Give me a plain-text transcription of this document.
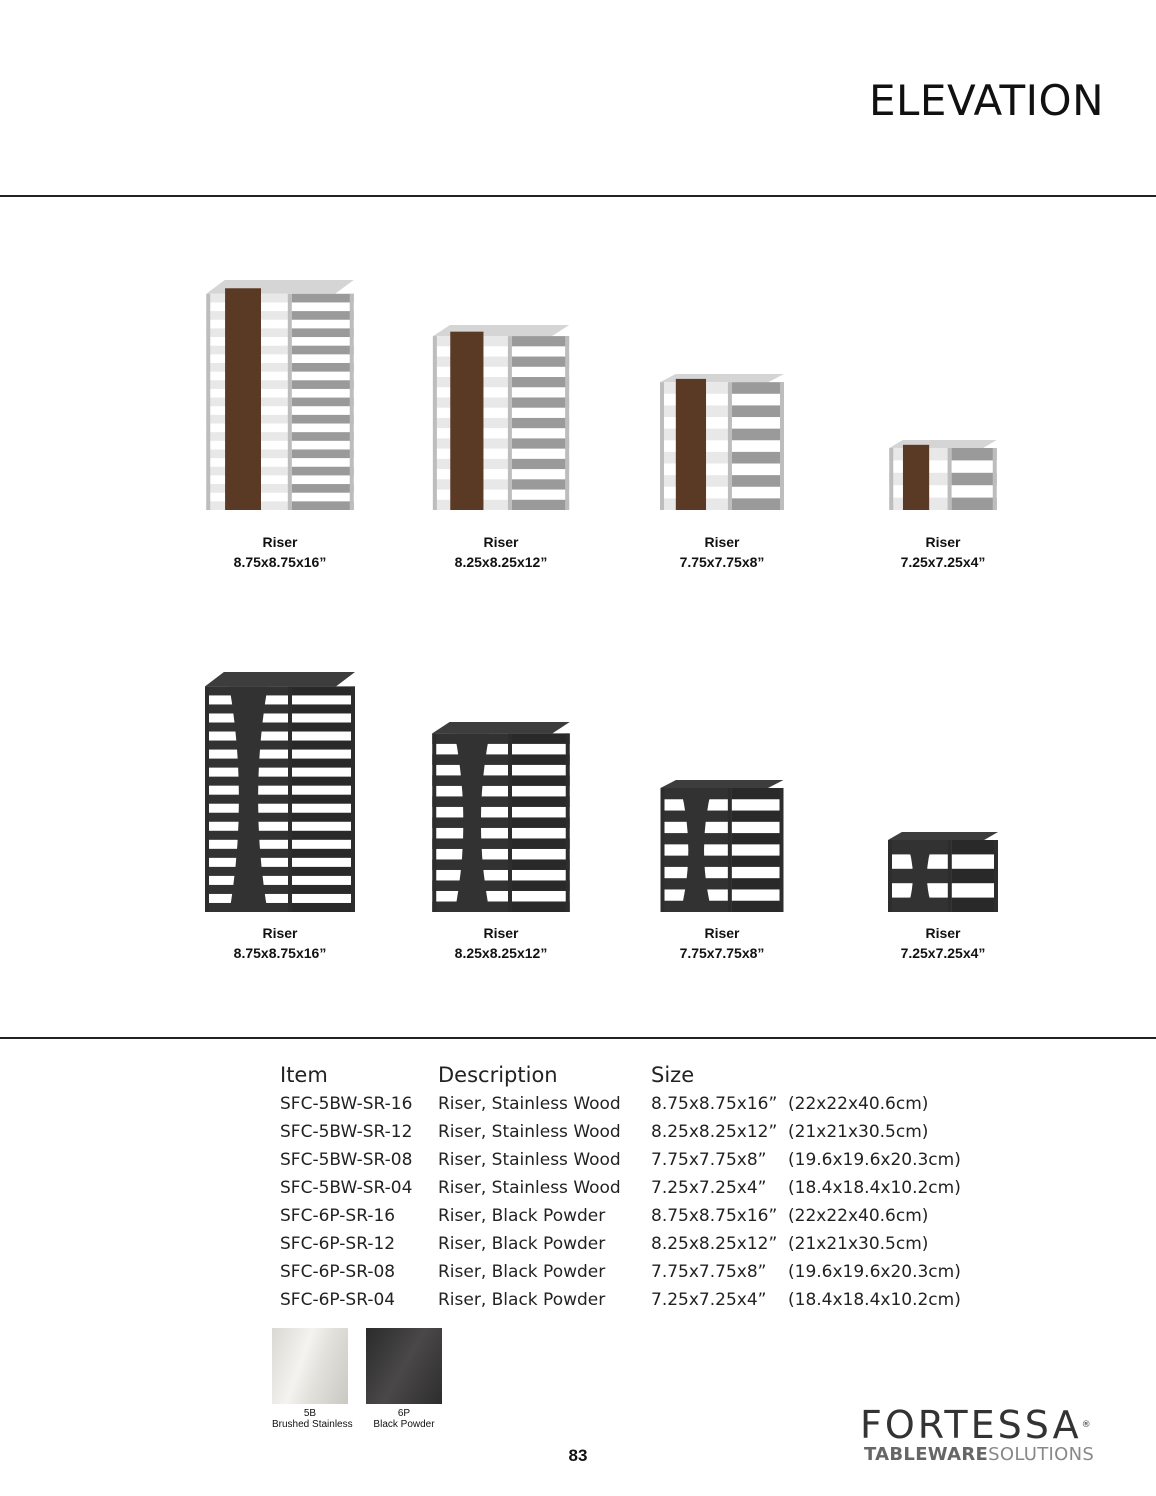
ELEVATION
Riser
8.75x8.75x16”
Riser
8.25x8.25x12”
Riser
7.75x7.75x8”
Riser
7.25x7.25x4”
Riser
8.75x8.75x16”
Riser
8.25x8.25x12”
Riser
7.75x7.75x8”
Riser
7.25x7.25x4”
Item	Description	Size
SFC-5BW-SR-16	Riser, Stainless Wood	8.75x8.75x16” (22x22x40.6cm)
SFC-5BW-SR-12	Riser, Stainless Wood	8.25x8.25x12” (21x21x30.5cm)
SFC-5BW-SR-08	Riser, Stainless Wood	7.75x7.75x8”	(19.6x19.6x20.3cm)
SFC-5BW-SR-04	Riser, Stainless Wood	7.25x7.25x4”	(18.4x18.4x10.2cm)
SFC-6P-SR-16	Riser, Black Powder	8.75x8.75x16” (22x22x40.6cm)
SFC-6P-SR-12	Riser, Black Powder	8.25x8.25x12” (21x21x30.5cm)
SFC-6P-SR-08	Riser, Black Powder	7.75x7.75x8”	(19.6x19.6x20.3cm)
SFC-6P-SR-04	Riser, Black Powder	7.25x7.25x4”	(18.4x18.4x10.2cm)
5B
Brushed Stainless
6P
Black Powder
83
FORTESSA®
TABLEWARESOLUTIONS
